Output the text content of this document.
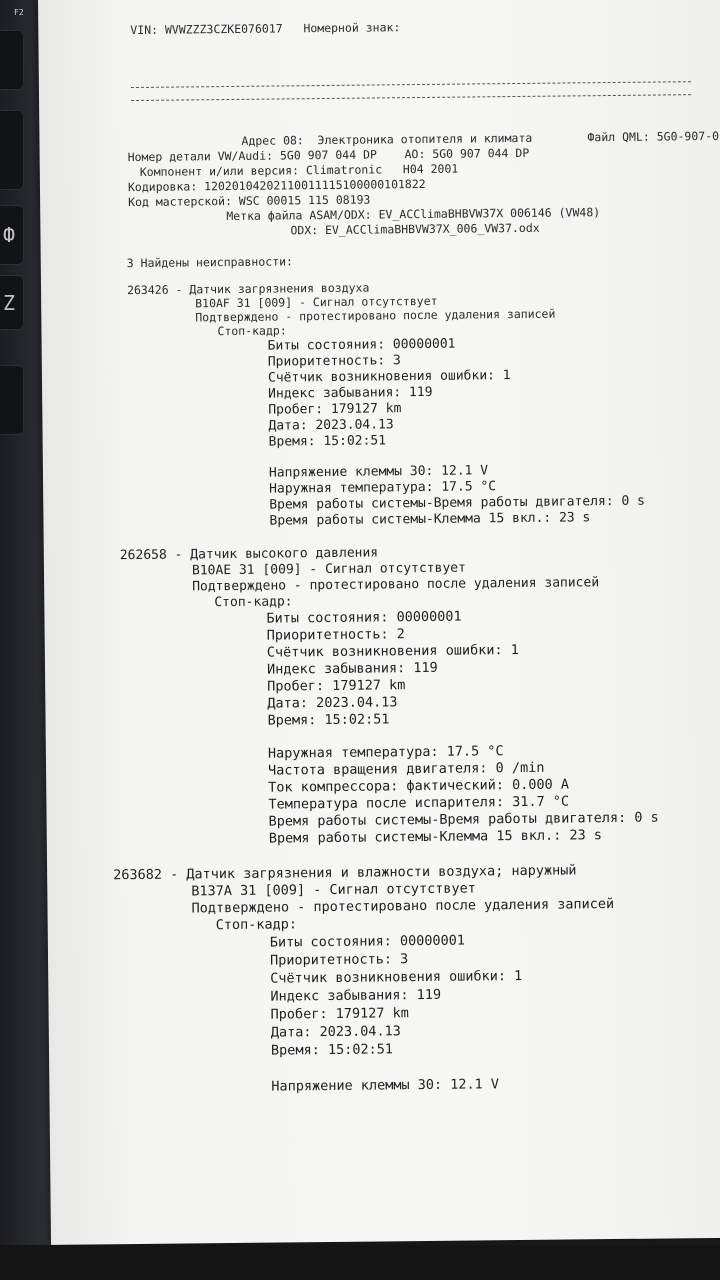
F2
Ф
Z
VIN: WVWZZZ3CZKE076017   Номерной знак:
Адрес 08:  Электроника отопителя и климата	Файл QML: 5G0-907-0
Номер детали VW/Audi: 5G0 907 044 DP    АО: 5G0 907 044 DP
Компонент и/или версия: Climatronic   H04 2001
Кодировка: 1202010420211001111510000010182​2
Код мастерской: WSC 00015 115 08193
Метка файла ASAM/ODX: EV_ACClimaBHBVW37X 006146 (VW48)
ODX: EV_ACClimaBHBVW37X_006_VW37.odx
3 Найдены неисправности:
263426 - Датчик загрязнения воздуха
B10AF 31 [009] - Сигнал отсутствует
Подтверждено - протестировано после удаления записей
Стоп-кадр:
Биты состояния: 00000001
Приоритетность: 3
Счётчик возникновения ошибки: 1
Индекс забывания: 119
Пробег: 179127 km
Дата: 2023.04.13
Время: 15:02:51
Напряжение клеммы 30: 12.1 V
Наружная температура: 17.5 °C
Время работы системы-Время работы двигателя: 0 s
Время работы системы-Клемма 15 вкл.: 23 s
262658 - Датчик высокого давления
B10AE 31 [009] - Сигнал отсутствует
Подтверждено - протестировано после удаления записей
Стоп-кадр:
Биты состояния: 00000001
Приоритетность: 2
Счётчик возникновения ошибки: 1
Индекс забывания: 119
Пробег: 179127 km
Дата: 2023.04.13
Время: 15:02:51
Наружная температура: 17.5 °C
Частота вращения двигателя: 0 /min
Ток компрессора: фактический: 0.000 A
Температура после испарителя: 31.7 °C
Время работы системы-Время работы двигателя: 0 s
Время работы системы-Клемма 15 вкл.: 23 s
263682 - Датчик загрязнения и влажности воздуха; наружный
B137A 31 [009] - Сигнал отсутствует
Подтверждено - протестировано после удаления записей
Стоп-кадр:
Биты состояния: 00000001
Приоритетность: 3
Счётчик возникновения ошибки: 1
Индекс забывания: 119
Пробег: 179127 km
Дата: 2023.04.13
Время: 15:02:51
Напряжение клеммы 30: 12.1 V
